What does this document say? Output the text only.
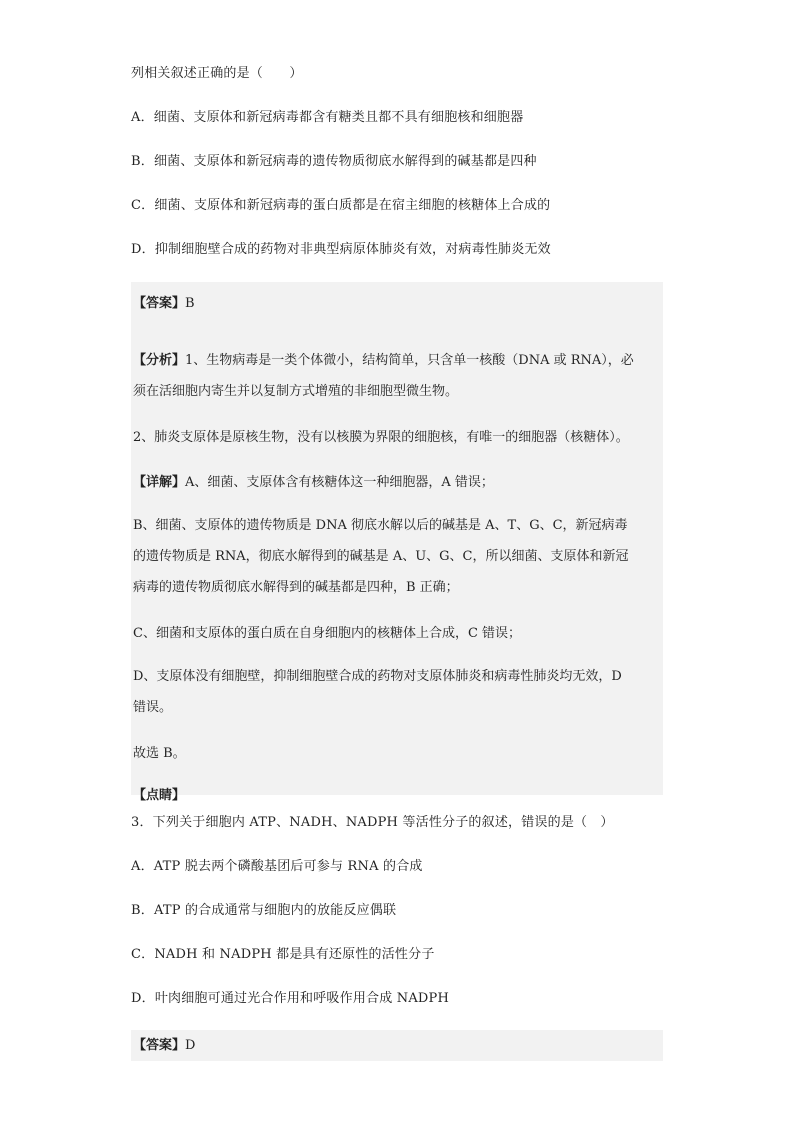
列相关叙述正确的是（　　）
A．细菌、支原体和新冠病毒都含有糖类且都不具有细胞核和细胞器
B．细菌、支原体和新冠病毒的遗传物质彻底水解得到的碱基都是四种
C．细菌、支原体和新冠病毒的蛋白质都是在宿主细胞的核糖体上合成的
D．抑制细胞壁合成的药物对非典型病原体肺炎有效，对病毒性肺炎无效
【答案】B
【分析】1、生物病毒是一类个体微小，结构简单，只含单一核酸（DNA 或 RNA），必
须在活细胞内寄生并以复制方式增殖的非细胞型微生物。
2、肺炎支原体是原核生物，没有以核膜为界限的细胞核，有唯一的细胞器（核糖体）。
【详解】A、细菌、支原体含有核糖体这一种细胞器，A 错误；
B、细菌、支原体的遗传物质是 DNA 彻底水解以后的碱基是 A、T、G、C，新冠病毒
的遗传物质是 RNA，彻底水解得到的碱基是 A、U、G、C，所以细菌、支原体和新冠
病毒的遗传物质彻底水解得到的碱基都是四种，B 正确；
C、细菌和支原体的蛋白质在自身细胞内的核糖体上合成，C 错误；
D、支原体没有细胞壁，抑制细胞壁合成的药物对支原体肺炎和病毒性肺炎均无效，D
错误。
故选 B。
【点睛】
3．下列关于细胞内 ATP、NADH、NADPH 等活性分子的叙述，错误的是（　）
A．ATP 脱去两个磷酸基团后可参与 RNA 的合成
B．ATP 的合成通常与细胞内的放能反应偶联
C．NADH 和 NADPH 都是具有还原性的活性分子
D．叶肉细胞可通过光合作用和呼吸作用合成 NADPH
【答案】D
